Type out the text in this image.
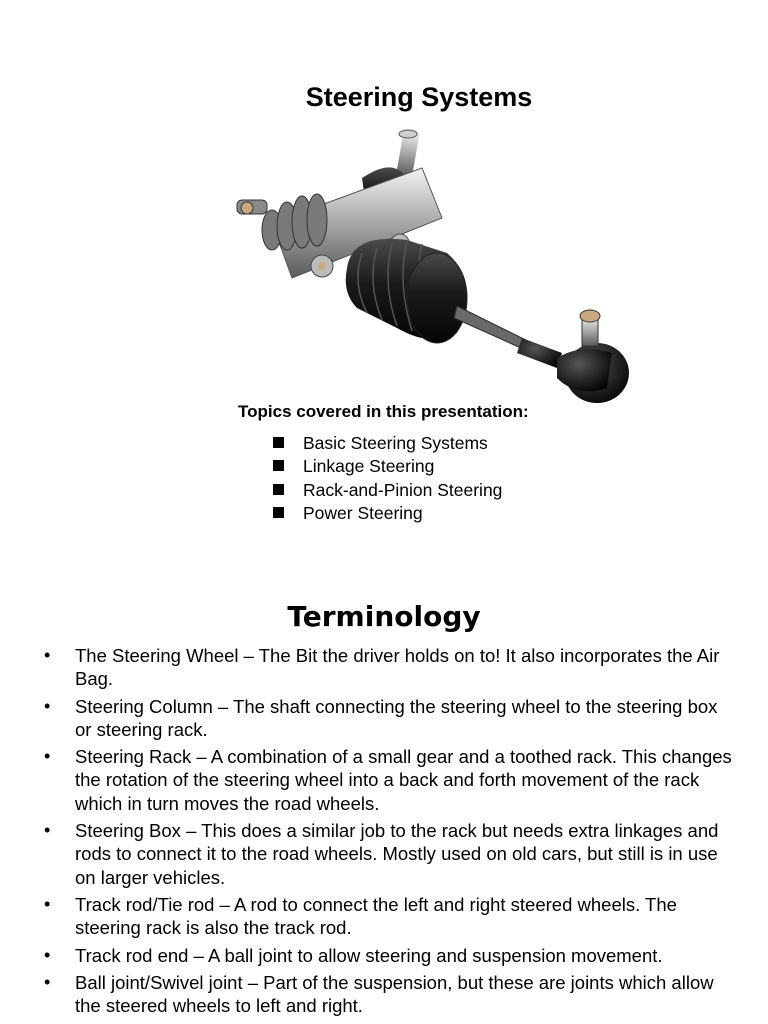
Steering Systems
Topics covered in this presentation:
Basic Steering Systems
Linkage Steering
Rack-and-Pinion Steering
Power Steering
Terminology
• The Steering Wheel – The Bit the driver holds on to! It also incorporates the Air Bag.
• Steering Column – The shaft connecting the steering wheel to the steering box or steering rack.
• Steering Rack – A combination of a small gear and a toothed rack. This changes the rotation of the steering wheel into a back and forth movement of the rack which in turn moves the road wheels.
• Steering Box – This does a similar job to the rack but needs extra linkages and rods to connect it to the road wheels. Mostly used on old cars, but still is in use on larger vehicles.
• Track rod/Tie rod – A rod to connect the left and right steered wheels. The steering rack is also the track rod.
• Track rod end – A ball joint to allow steering and suspension movement.
• Ball joint/Swivel joint – Part of the suspension, but these are joints which allow the steered wheels to left and right.
